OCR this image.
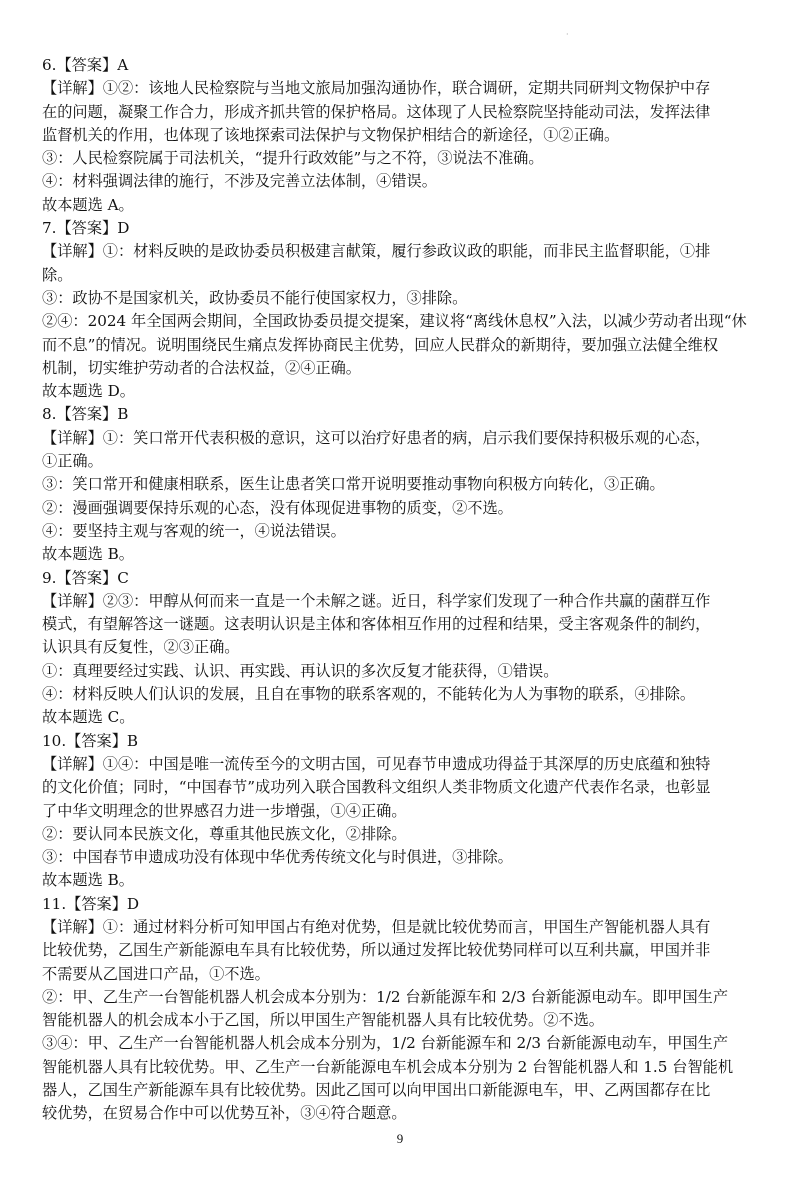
·
6.【答案】A
【详解】①②：该地人民检察院与当地文旅局加强沟通协作，联合调研，定期共同研判文物保护中存
在的问题，凝聚工作合力，形成齐抓共管的保护格局。这体现了人民检察院坚持能动司法，发挥法律
监督机关的作用，也体现了该地探索司法保护与文物保护相结合的新途径，①②正确。
③：人民检察院属于司法机关，“提升行政效能”与之不符，③说法不准确。
④：材料强调法律的施行，不涉及完善立法体制，④错误。
故本题选 A。
7.【答案】D
【详解】①：材料反映的是政协委员积极建言献策，履行参政议政的职能，而非民主监督职能，①排
除。
③：政协不是国家机关，政协委员不能行使国家权力，③排除。
②④：2024 年全国两会期间，全国政协委员提交提案，建议将“离线休息权”入法，以减少劳动者出现“休
而不息”的情况。说明围绕民生痛点发挥协商民主优势，回应人民群众的新期待，要加强立法健全维权
机制，切实维护劳动者的合法权益，②④正确。
故本题选 D。
8.【答案】B
【详解】①：笑口常开代表积极的意识，这可以治疗好患者的病，启示我们要保持积极乐观的心态，
①正确。
③：笑口常开和健康相联系，医生让患者笑口常开说明要推动事物向积极方向转化，③正确。
②：漫画强调要保持乐观的心态，没有体现促进事物的质变，②不选。
④：要坚持主观与客观的统一，④说法错误。
故本题选 B。
9.【答案】C
【详解】②③：甲醇从何而来一直是一个未解之谜。近日，科学家们发现了一种合作共赢的菌群互作
模式，有望解答这一谜题。这表明认识是主体和客体相互作用的过程和结果，受主客观条件的制约，
认识具有反复性，②③正确。
①：真理要经过实践、认识、再实践、再认识的多次反复才能获得，①错误。
④：材料反映人们认识的发展，且自在事物的联系客观的，不能转化为人为事物的联系，④排除。
故本题选 C。
10.【答案】B
【详解】①④：中国是唯一流传至今的文明古国，可见春节申遗成功得益于其深厚的历史底蕴和独特
的文化价值；同时，“中国春节”成功列入联合国教科文组织人类非物质文化遗产代表作名录，也彰显
了中华文明理念的世界感召力进一步增强，①④正确。
②：要认同本民族文化，尊重其他民族文化，②排除。
③：中国春节申遗成功没有体现中华优秀传统文化与时俱进，③排除。
故本题选 B。
11.【答案】D
【详解】①：通过材料分析可知甲国占有绝对优势，但是就比较优势而言，甲国生产智能机器人具有
比较优势，乙国生产新能源电车具有比较优势，所以通过发挥比较优势同样可以互利共赢，甲国并非
不需要从乙国进口产品，①不选。
②：甲、乙生产一台智能机器人机会成本分别为：1/2 台新能源车和 2/3 台新能源电动车。即甲国生产
智能机器人的机会成本小于乙国，所以甲国生产智能机器人具有比较优势。②不选。
③④：甲、乙生产一台智能机器人机会成本分别为，1/2 台新能源车和 2/3 台新能源电动车，甲国生产
智能机器人具有比较优势。甲、乙生产一台新能源电车机会成本分别为 2 台智能机器人和 1.5 台智能机
器人，乙国生产新能源车具有比较优势。因此乙国可以向甲国出口新能源电车，甲、乙两国都存在比
较优势，在贸易合作中可以优势互补，③④符合题意。
9
